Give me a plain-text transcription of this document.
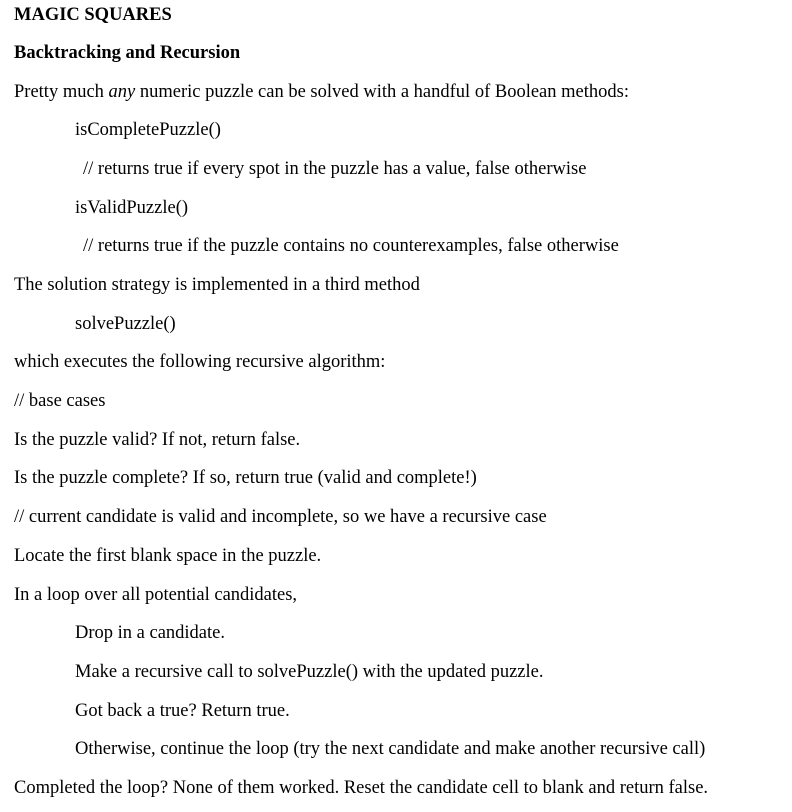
MAGIC SQUARES
Backtracking and Recursion
Pretty much any numeric puzzle can be solved with a handful of Boolean methods:
isCompletePuzzle()
// returns true if every spot in the puzzle has a value, false otherwise
isValidPuzzle()
// returns true if the puzzle contains no counterexamples, false otherwise
The solution strategy is implemented in a third method
solvePuzzle()
which executes the following recursive algorithm:
// base cases
Is the puzzle valid? If not, return false.
Is the puzzle complete? If so, return true (valid and complete!)
// current candidate is valid and incomplete, so we have a recursive case
Locate the first blank space in the puzzle.
In a loop over all potential candidates,
Drop in a candidate.
Make a recursive call to solvePuzzle() with the updated puzzle.
Got back a true? Return true.
Otherwise, continue the loop (try the next candidate and make another recursive call)
Completed the loop? None of them worked. Reset the candidate cell to blank and return false.
